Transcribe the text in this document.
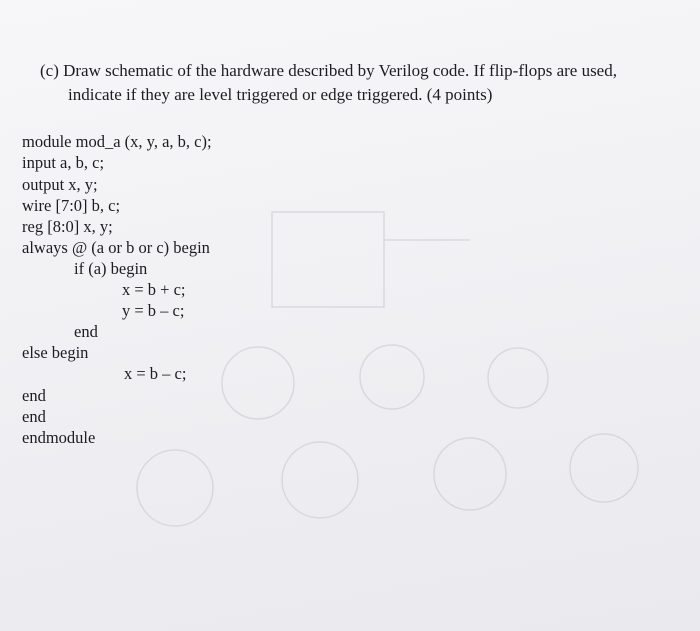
(c) Draw schematic of the hardware described by Verilog code. If flip-flops are used,
indicate if they are level triggered or edge triggered. (4 points)
module mod_a (x, y, a, b, c);
input a, b, c;
output x, y;
wire [7:0] b, c;
reg [8:0] x, y;
always @ (a or b or c) begin
if (a) begin
x = b + c;
y = b – c;
end
else begin
x = b – c;
end
end
endmodule
